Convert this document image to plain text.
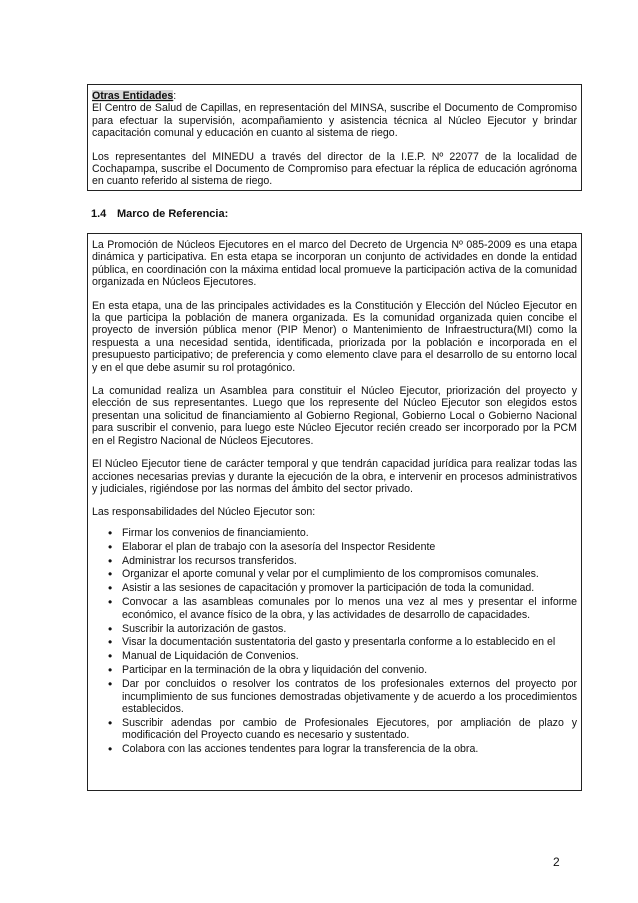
Otras Entidades:

El Centro de Salud de Capillas, en representación del MINSA, suscribe el Documento de Compromiso para efectuar la supervisión, acompañamiento y asistencia técnica al Núcleo Ejecutor y brindar capacitación comunal y educación en cuanto al sistema de riego.

Los representantes del MINEDU a través del director de la I.E.P. Nº 22077 de la localidad de Cochapampa, suscribe el Documento de Compromiso para efectuar la réplica de educación agrónoma en cuanto referido al sistema de riego.

1.4 Marco de Referencia:

La Promoción de Núcleos Ejecutores en el marco del Decreto de Urgencia Nº 085-2009 es una etapa dinámica y participativa. En esta etapa se incorporan un conjunto de actividades en donde la entidad pública, en coordinación con la máxima entidad local promueve la participación activa de la comunidad organizada en Núcleos Ejecutores.

En esta etapa, una de las principales actividades es la Constitución y Elección del Núcleo Ejecutor en la que participa la población de manera organizada. Es la comunidad organizada quien concibe el proyecto de inversión pública menor (PIP Menor) o Mantenimiento de Infraestructura(MI) como la respuesta a una necesidad sentida, identificada, priorizada por la población e incorporada en el presupuesto participativo; de preferencia y como elemento clave para el desarrollo de su entorno local y en el que debe asumir su rol protagónico.

La comunidad realiza un Asamblea para constituir el Núcleo Ejecutor, priorización del proyecto y elección de sus representantes. Luego que los represente del Núcleo Ejecutor son elegidos estos presentan una solicitud de financiamiento al Gobierno Regional, Gobierno Local o Gobierno Nacional para suscribir el convenio, para luego este Núcleo Ejecutor recién creado ser incorporado por la PCM en el Registro Nacional de Núcleos Ejecutores.

El Núcleo Ejecutor tiene de carácter temporal y que tendrán capacidad jurídica para realizar todas las acciones necesarias previas y durante la ejecución de la obra, e intervenir en procesos administrativos y judiciales, rigiéndose por las normas del ámbito del sector privado.

Las responsabilidades del Núcleo Ejecutor son:

• Firmar los convenios de financiamiento.
• Elaborar el plan de trabajo con la asesoría del Inspector Residente
• Administrar los recursos transferidos.
• Organizar el aporte comunal y velar por el cumplimiento de los compromisos comunales.
• Asistir a las sesiones de capacitación y promover la participación de toda la comunidad.
• Convocar a las asambleas comunales por lo menos una vez al mes y presentar el informe económico, el avance físico de la obra, y las actividades de desarrollo de capacidades.
• Suscribir la autorización de gastos.
• Visar la documentación sustentatoria del gasto y presentarla conforme a lo establecido en el
• Manual de Liquidación de Convenios.
• Participar en la terminación de la obra y liquidación del convenio.
• Dar por concluidos o resolver los contratos de los profesionales externos del proyecto por incumplimiento de sus funciones demostradas objetivamente y de acuerdo a los procedimientos establecidos.
• Suscribir adendas por cambio de Profesionales Ejecutores, por ampliación de plazo y modificación del Proyecto cuando es necesario y sustentado.
• Colabora con las acciones tendentes para lograr la transferencia de la obra.
2
